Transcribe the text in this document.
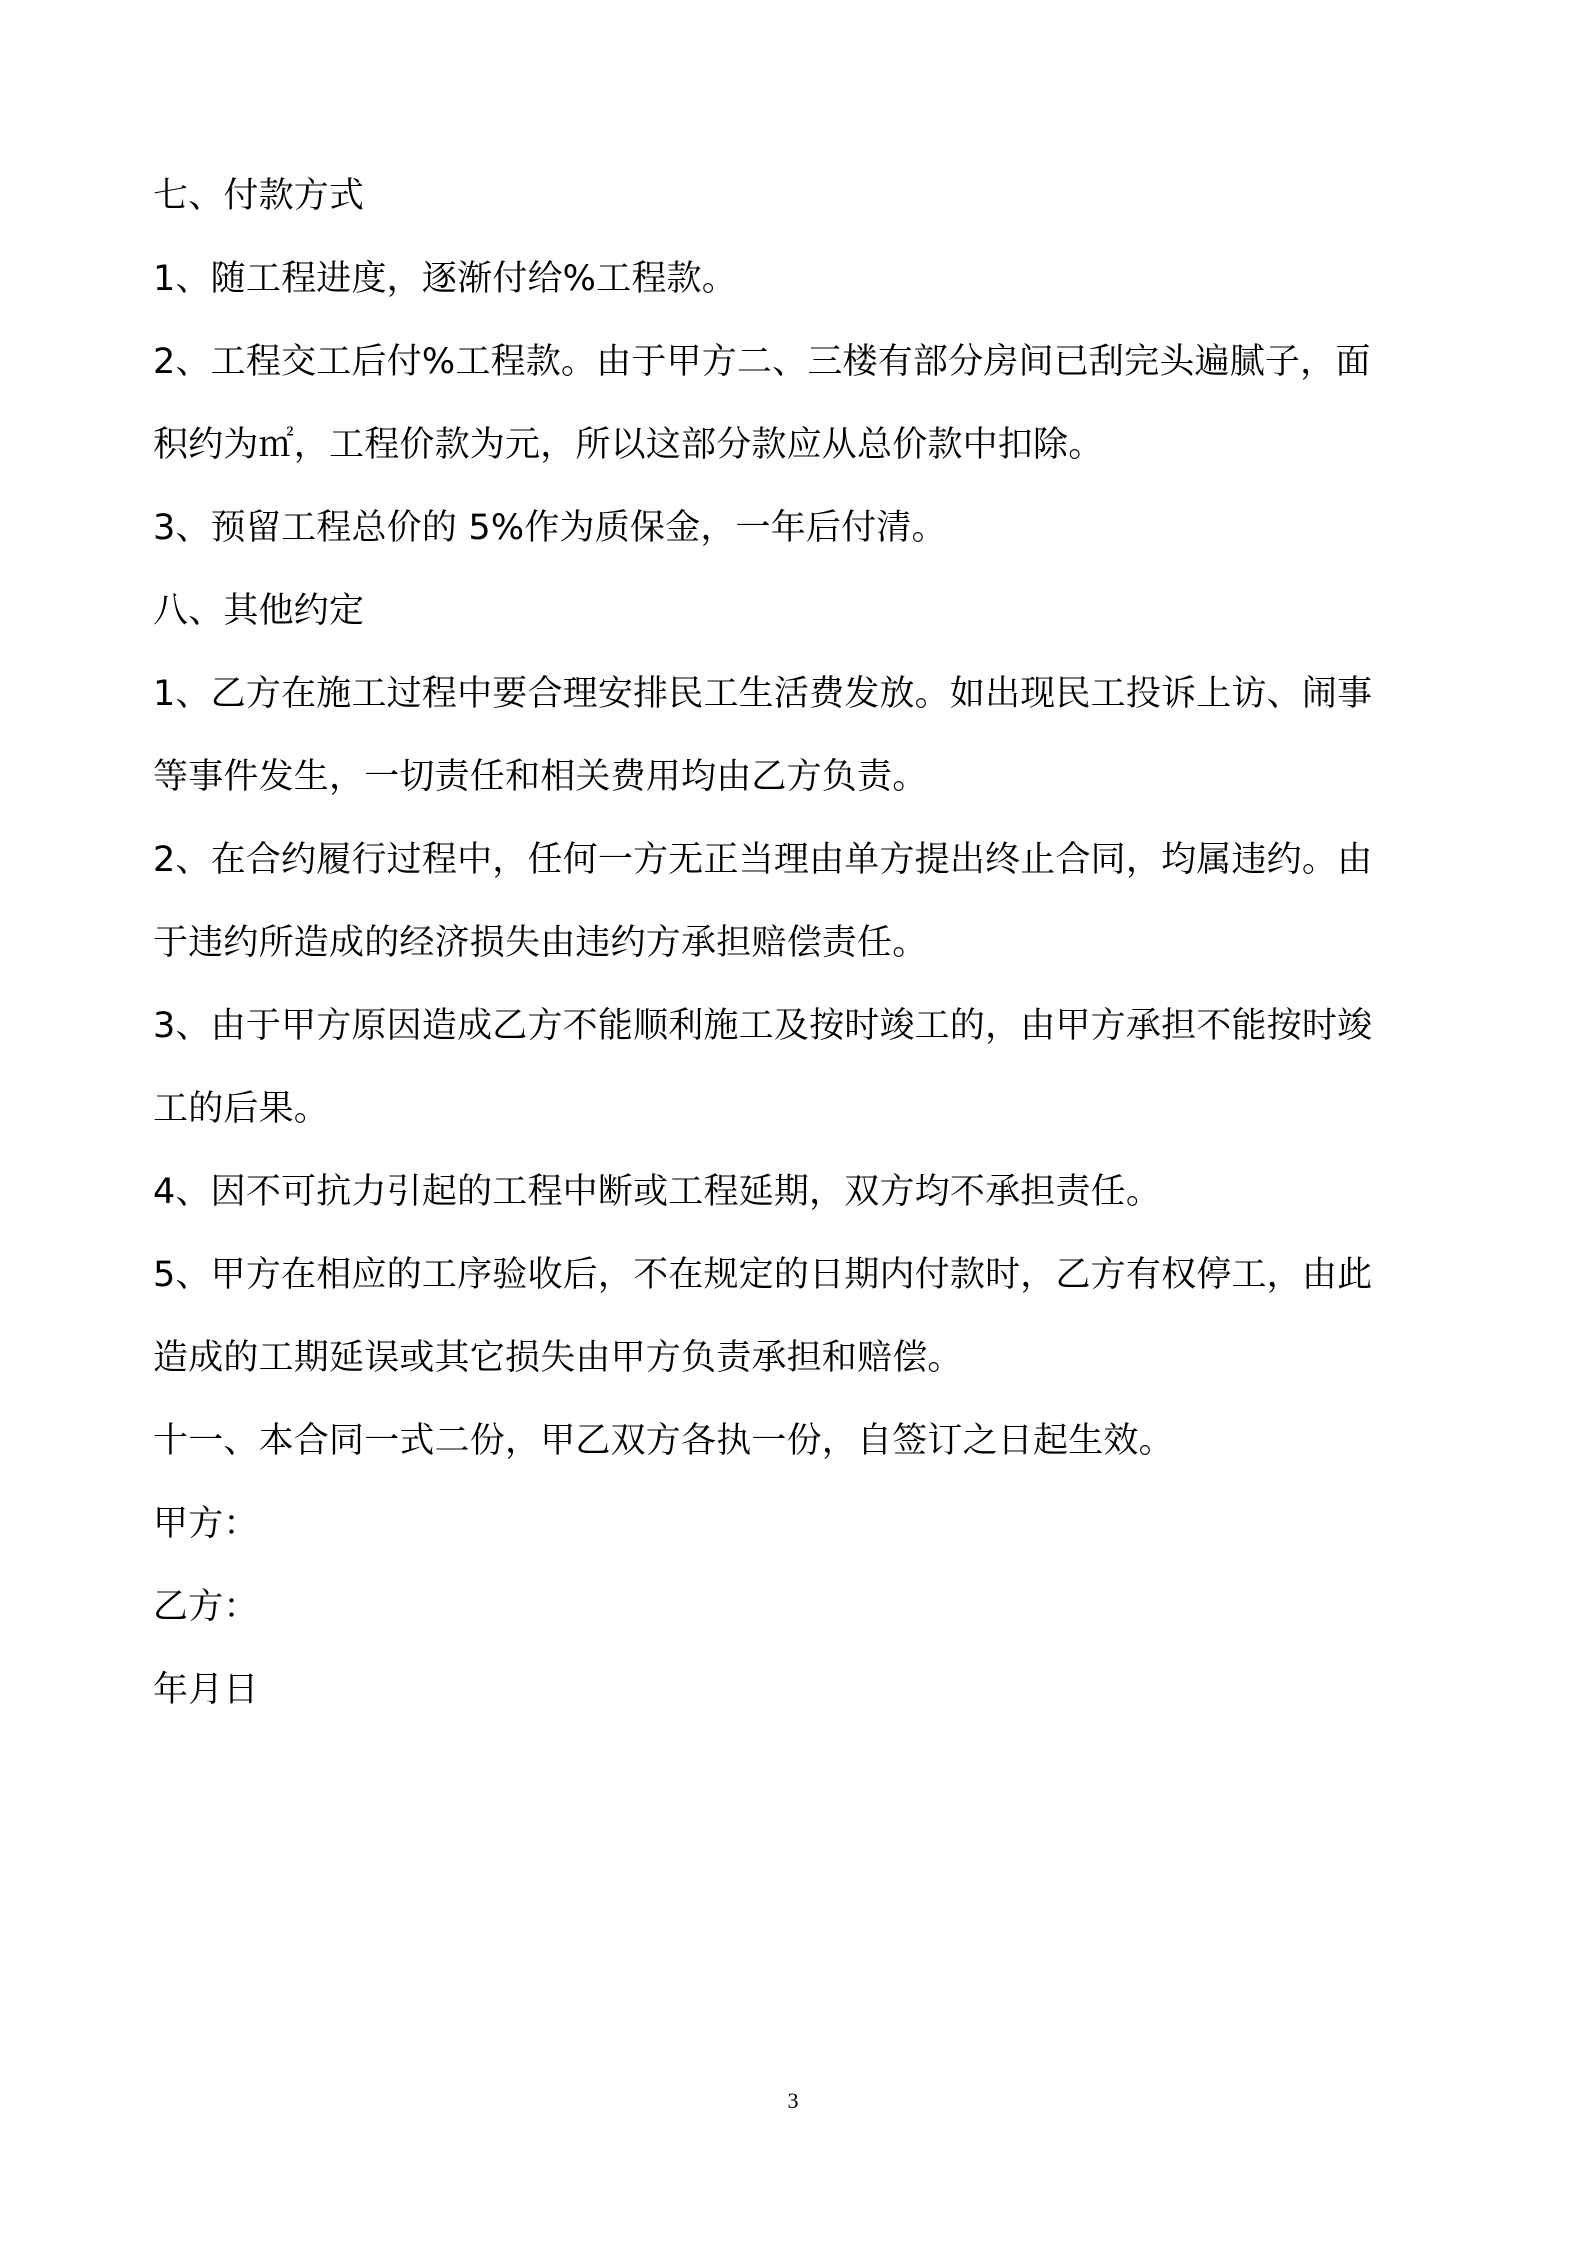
七、付款方式
1、随工程进度，逐渐付给%工程款。
2、工程交工后付%工程款。由于甲方二、三楼有部分房间已刮完头遍腻子，面
积约为㎡，工程价款为元，所以这部分款应从总价款中扣除。
3、预留工程总价的 5%作为质保金，一年后付清。
八、其他约定
1、乙方在施工过程中要合理安排民工生活费发放。如出现民工投诉上访、闹事
等事件发生，一切责任和相关费用均由乙方负责。
2、在合约履行过程中，任何一方无正当理由单方提出终止合同，均属违约。由
于违约所造成的经济损失由违约方承担赔偿责任。
3、由于甲方原因造成乙方不能顺利施工及按时竣工的，由甲方承担不能按时竣
工的后果。
4、因不可抗力引起的工程中断或工程延期，双方均不承担责任。
5、甲方在相应的工序验收后，不在规定的日期内付款时，乙方有权停工，由此
造成的工期延误或其它损失由甲方负责承担和赔偿。
十一、本合同一式二份，甲乙双方各执一份，自签订之日起生效。
甲方：
乙方：
年月日
3
